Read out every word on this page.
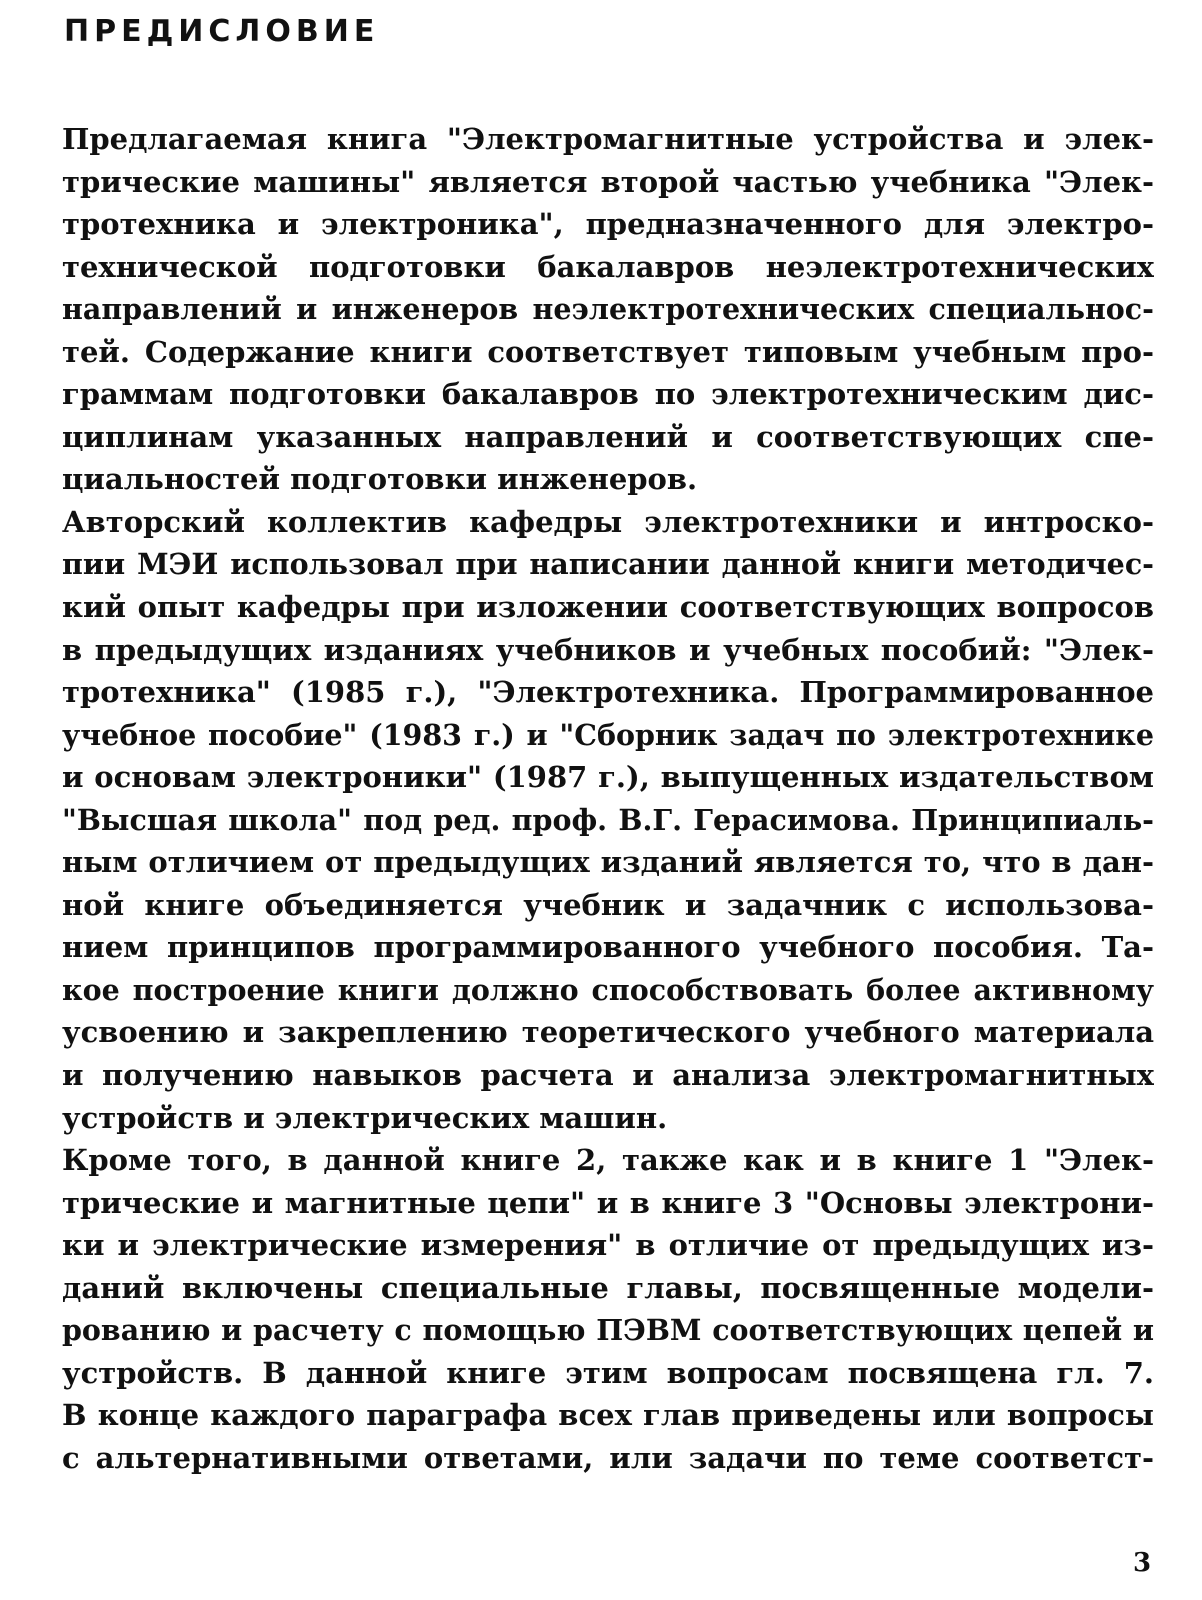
ПРЕДИСЛОВИЕ
Предлагаемая книга "Электромагнитные устройства и элек-
трические машины" является второй частью учебника "Элек-
тротехника и электроника", предназначенного для электро-
технической подготовки бакалавров неэлектротехнических
направлений и инженеров неэлектротехнических специальнос-
тей. Содержание книги соответствует типовым учебным про-
граммам подготовки бакалавров по электротехническим дис-
циплинам указанных направлений и соответствующих спе-
циальностей подготовки инженеров.
Авторский коллектив кафедры электротехники и интроско-
пии МЭИ использовал при написании данной книги методичес-
кий опыт кафедры при изложении соответствующих вопросов
в предыдущих изданиях учебников и учебных пособий: "Элек-
тротехника" (1985 г.), "Электротехника. Программированное
учебное пособие" (1983 г.) и "Сборник задач по электротехнике
и основам электроники" (1987 г.), выпущенных издательством
"Высшая школа" под ред. проф. В.Г. Герасимова. Принципиаль-
ным отличием от предыдущих изданий является то, что в дан-
ной книге объединяется учебник и задачник с использова-
нием принципов программированного учебного пособия. Та-
кое построение книги должно способствовать более активному
усвоению и закреплению теоретического учебного материала
и получению навыков расчета и анализа электромагнитных
устройств и электрических машин.
Кроме того, в данной книге 2, также как и в книге 1 "Элек-
трические и магнитные цепи" и в книге 3 "Основы электрони-
ки и электрические измерения" в отличие от предыдущих из-
даний включены специальные главы, посвященные модели-
рованию и расчету с помощью ПЭВМ соответствующих цепей и
устройств. В данной книге этим вопросам посвящена гл. 7.
В конце каждого параграфа всех глав приведены или вопросы
с альтернативными ответами, или задачи по теме соответст-
3
